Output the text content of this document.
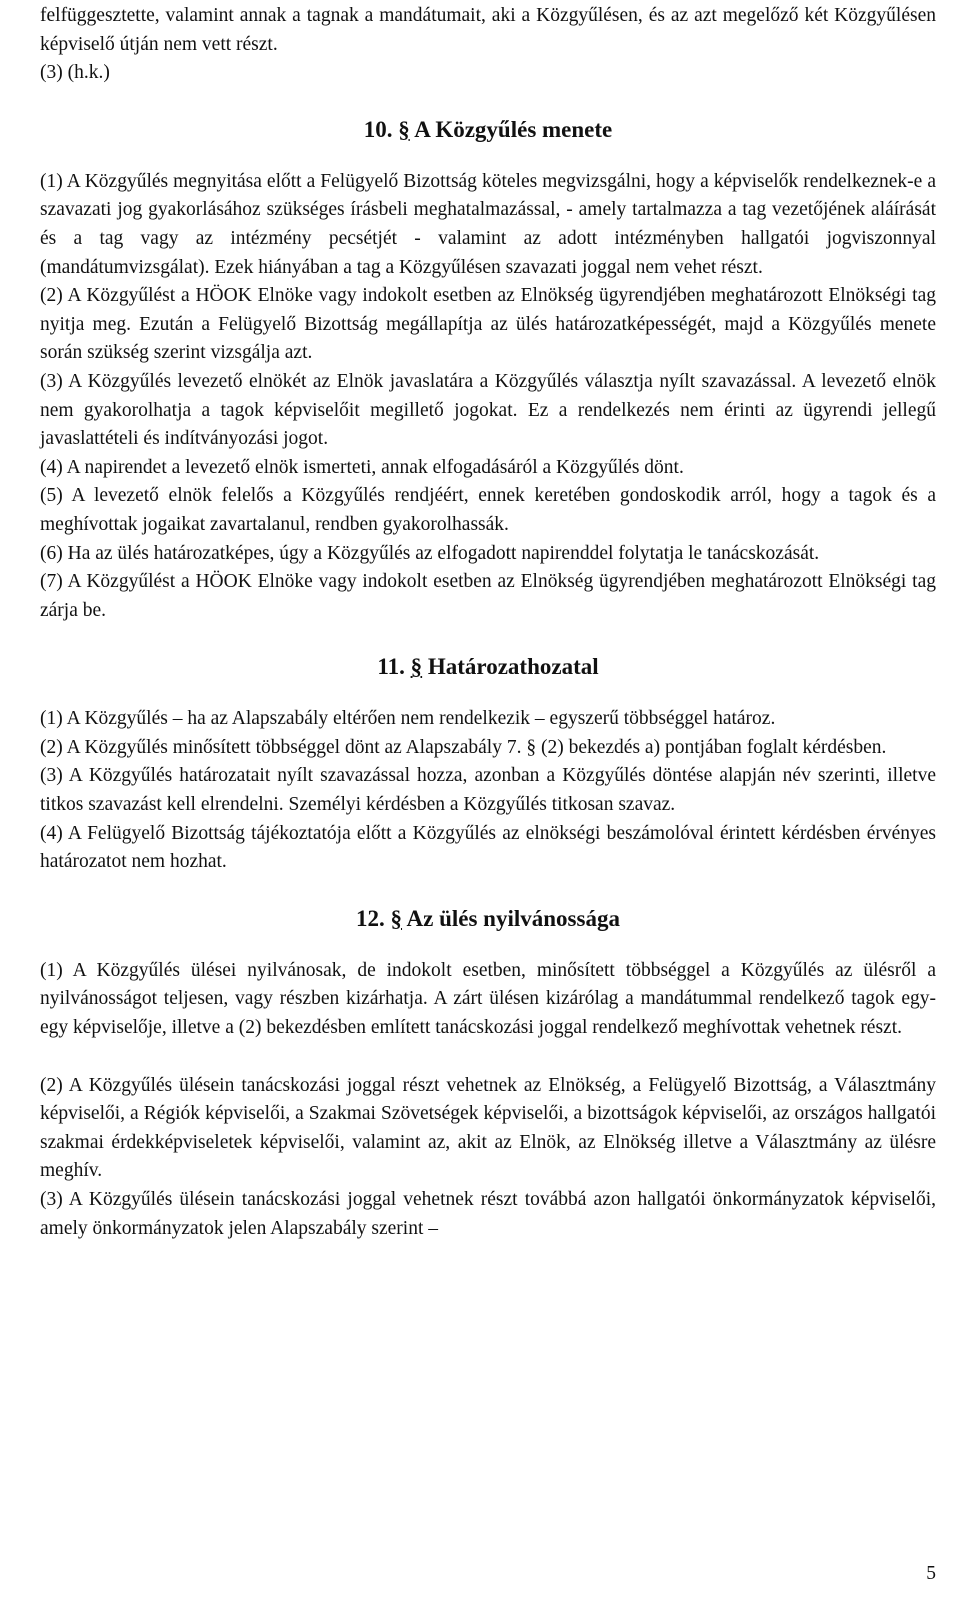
felfüggesztette, valamint annak a tagnak a mandátumait, aki a Közgyűlésen, és az azt megelőző két Közgyűlésen képviselő útján nem vett részt.

(3) (h.k.)

10. § A Közgyűlés menete

(1) A Közgyűlés megnyitása előtt a Felügyelő Bizottság köteles megvizsgálni, hogy a képviselők rendelkeznek-e a szavazati jog gyakorlásához szükséges írásbeli meghatalmazással, - amely tartalmazza a tag vezetőjének aláírását és a tag vagy az intézmény pecsétjét - valamint az adott intézményben hallgatói jogviszonnyal (mandátumvizsgálat). Ezek hiányában a tag a Közgyűlésen szavazati joggal nem vehet részt.

(2) A Közgyűlést a HÖOK Elnöke vagy indokolt esetben az Elnökség ügyrendjében meghatározott Elnökségi tag nyitja meg. Ezután a Felügyelő Bizottság megállapítja az ülés határozatképességét, majd a Közgyűlés menete során szükség szerint vizsgálja azt.

(3) A Közgyűlés levezető elnökét az Elnök javaslatára a Közgyűlés választja nyílt szavazással. A levezető elnök nem gyakorolhatja a tagok képviselőit megillető jogokat. Ez a rendelkezés nem érinti az ügyrendi jellegű javaslattételi és indítványozási jogot.

(4) A napirendet a levezető elnök ismerteti, annak elfogadásáról a Közgyűlés dönt.

(5) A levezető elnök felelős a Közgyűlés rendjéért, ennek keretében gondoskodik arról, hogy a tagok és a meghívottak jogaikat zavartalanul, rendben gyakorolhassák.

(6) Ha az ülés határozatképes, úgy a Közgyűlés az elfogadott napirenddel folytatja le tanácskozását.

(7) A Közgyűlést a HÖOK Elnöke vagy indokolt esetben az Elnökség ügyrendjében meghatározott Elnökségi tag zárja be.

11. § Határozathozatal

(1) A Közgyűlés – ha az Alapszabály eltérően nem rendelkezik – egyszerű többséggel határoz.

(2) A Közgyűlés minősített többséggel dönt az Alapszabály 7. § (2) bekezdés a) pontjában foglalt kérdésben.

(3) A Közgyűlés határozatait nyílt szavazással hozza, azonban a Közgyűlés döntése alapján név szerinti, illetve titkos szavazást kell elrendelni. Személyi kérdésben a Közgyűlés titkosan szavaz.

(4) A Felügyelő Bizottság tájékoztatója előtt a Közgyűlés az elnökségi beszámolóval érintett kérdésben érvényes határozatot nem hozhat.

12. § Az ülés nyilvánossága

(1) A Közgyűlés ülései nyilvánosak, de indokolt esetben, minősített többséggel a Közgyűlés az ülésről a nyilvánosságot teljesen, vagy részben kizárhatja. A zárt ülésen kizárólag a mandátummal rendelkező tagok egy-egy képviselője, illetve a (2) bekezdésben említett tanácskozási joggal rendelkező meghívottak vehetnek részt.

(2) A Közgyűlés ülésein tanácskozási joggal részt vehetnek az Elnökség, a Felügyelő Bizottság, a Választmány képviselői, a Régiók képviselői, a Szakmai Szövetségek képviselői, a bizottságok képviselői, az országos hallgatói szakmai érdekképviseletek képviselői, valamint az, akit az Elnök, az Elnökség illetve a Választmány az ülésre meghív.

(3) A Közgyűlés ülésein tanácskozási joggal vehetnek részt továbbá azon hallgatói önkormányzatok képviselői, amely önkormányzatok jelen Alapszabály szerint –

5
